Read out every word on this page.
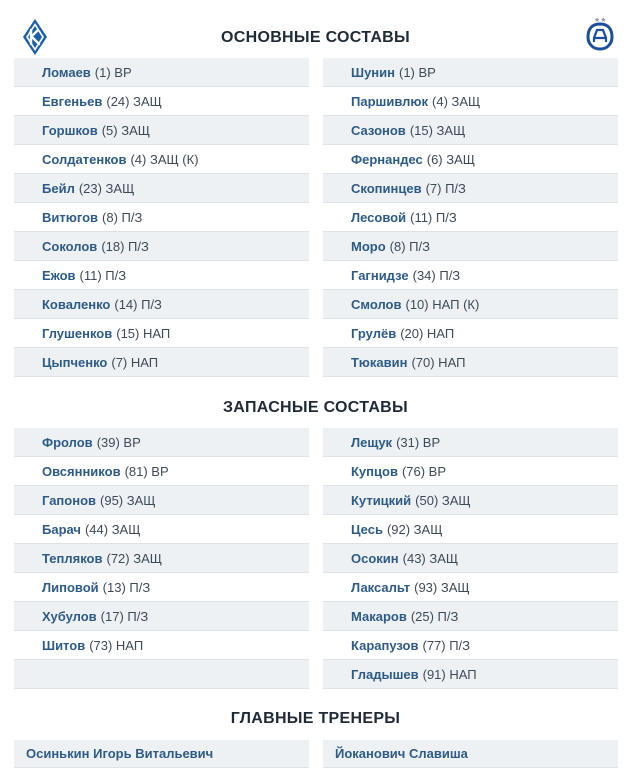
★★
ОСНОВНЫЕ СОСТАВЫ
ЗАПАСНЫЕ СОСТАВЫ
ГЛАВНЫЕ ТРЕНЕРЫ
Ломаев (1) ВР
Евгеньев (24) ЗАЩ
Горшков (5) ЗАЩ
Солдатенков (4) ЗАЩ (К)
Бейл (23) ЗАЩ
Витюгов (8) П/З
Соколов (18) П/З
Ежов (11) П/З
Коваленко (14) П/З
Глушенков (15) НАП
Цыпченко (7) НАП
Шунин (1) ВР
Паршивлюк (4) ЗАЩ
Сазонов (15) ЗАЩ
Фернандес (6) ЗАЩ
Скопинцев (7) П/З
Лесовой (11) П/З
Моро (8) П/З
Гагнидзе (34) П/З
Смолов (10) НАП (К)
Грулёв (20) НАП
Тюкавин (70) НАП
Фролов (39) ВР
Овсянников (81) ВР
Гапонов (95) ЗАЩ
Барач (44) ЗАЩ
Тепляков (72) ЗАЩ
Липовой (13) П/З
Хубулов (17) П/З
Шитов (73) НАП
Лещук (31) ВР
Купцов (76) ВР
Кутицкий (50) ЗАЩ
Цесь (92) ЗАЩ
Осокин (43) ЗАЩ
Лаксальт (93) ЗАЩ
Макаров (25) П/З
Карапузов (77) П/З
Гладышев (91) НАП
Осинькин Игорь Витальевич	Йоканович Славиша
